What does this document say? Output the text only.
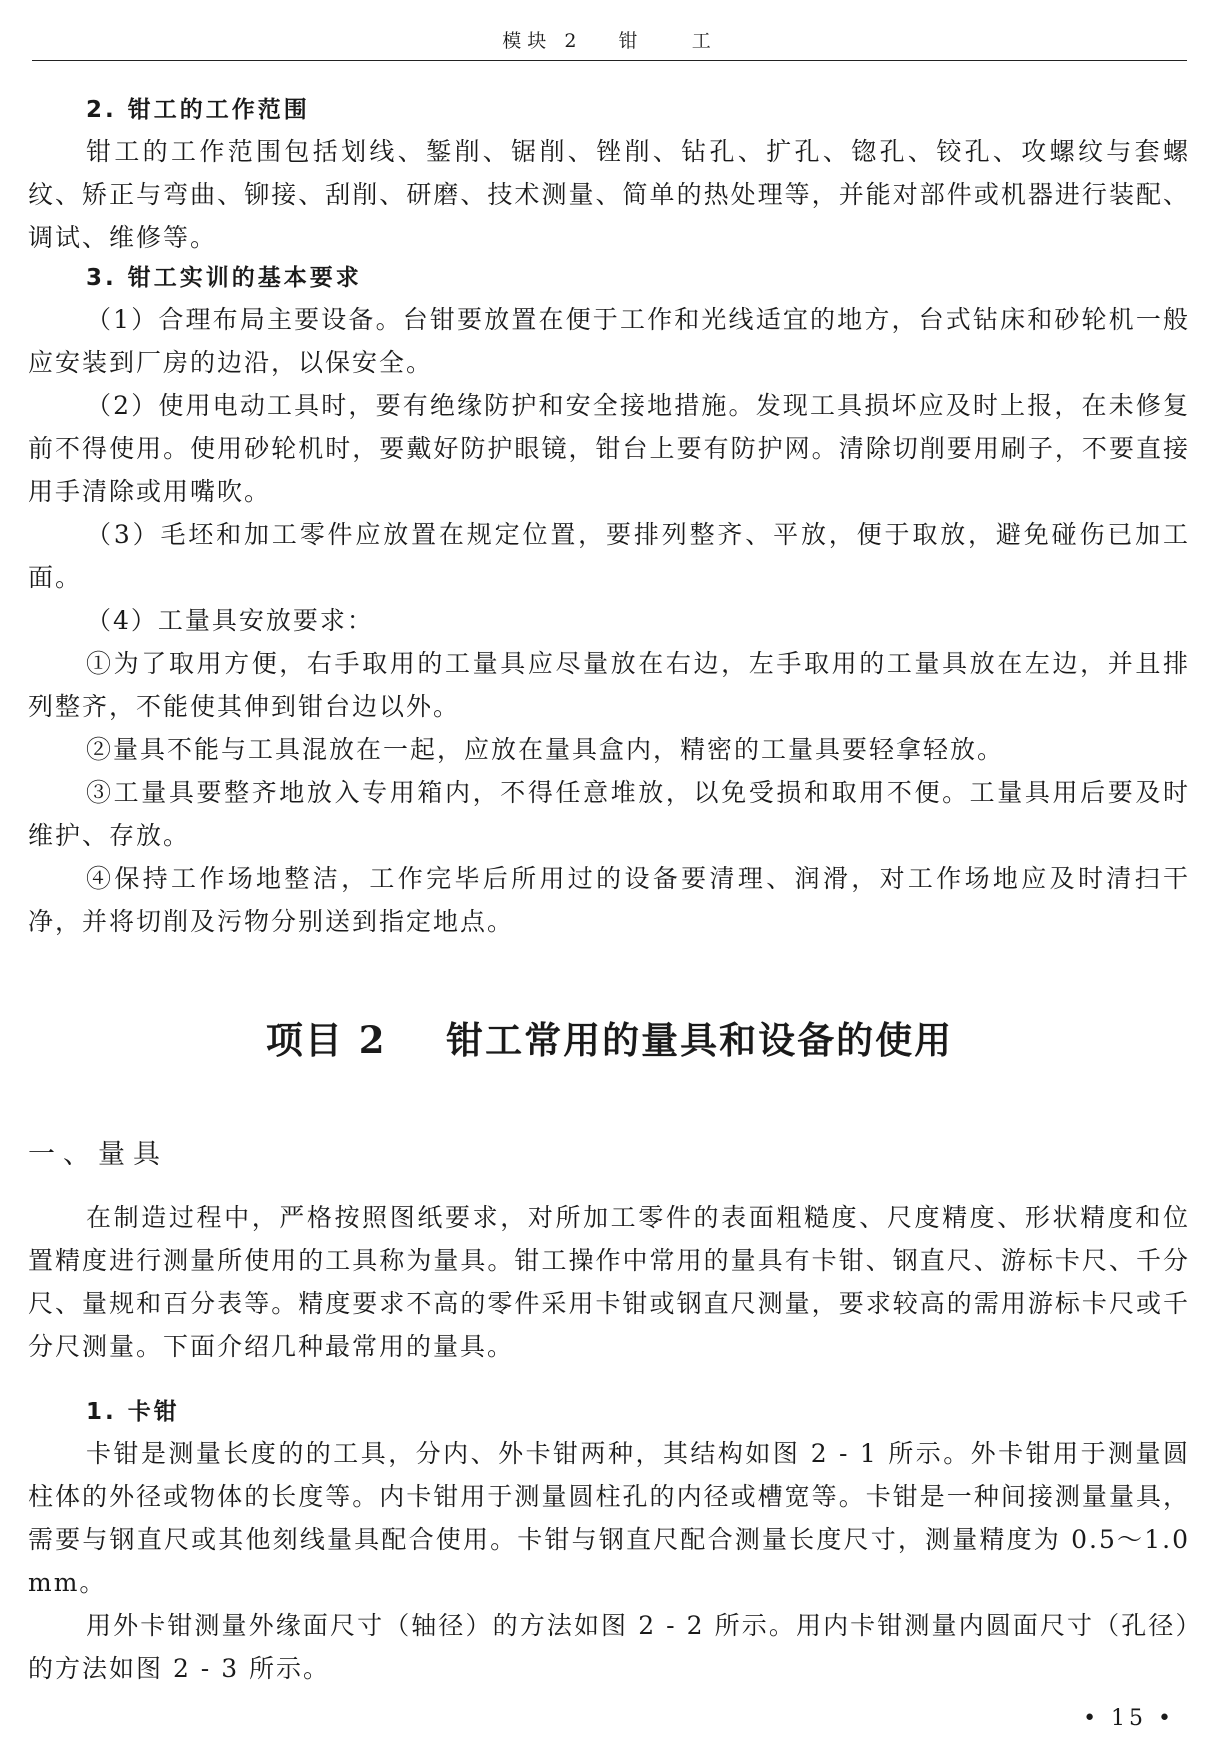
模块 2   钳    工

2. 钳工的工作范围

钳工的工作范围包括划线、錾削、锯削、锉削、钻孔、扩孔、锪孔、铰孔、攻螺纹与套螺纹、矫正与弯曲、铆接、刮削、研磨、技术测量、简单的热处理等，并能对部件或机器进行装配、调试、维修等。

3. 钳工实训的基本要求

（1）合理布局主要设备。台钳要放置在便于工作和光线适宜的地方，台式钻床和砂轮机一般应安装到厂房的边沿，以保安全。

（2）使用电动工具时，要有绝缘防护和安全接地措施。发现工具损坏应及时上报，在未修复前不得使用。使用砂轮机时，要戴好防护眼镜，钳台上要有防护网。清除切削要用刷子，不要直接用手清除或用嘴吹。

（3）毛坯和加工零件应放置在规定位置，要排列整齐、平放，便于取放，避免碰伤已加工面。

（4）工量具安放要求：

①为了取用方便，右手取用的工量具应尽量放在右边，左手取用的工量具放在左边，并且排列整齐，不能使其伸到钳台边以外。

②量具不能与工具混放在一起，应放在量具盒内，精密的工量具要轻拿轻放。

③工量具要整齐地放入专用箱内，不得任意堆放，以免受损和取用不便。工量具用后要及时维护、存放。

④保持工作场地整洁，工作完毕后所用过的设备要清理、润滑，对工作场地应及时清扫干净，并将切削及污物分别送到指定地点。

项目 2    钳工常用的量具和设备的使用
一、量具

在制造过程中，严格按照图纸要求，对所加工零件的表面粗糙度、尺度精度、形状精度和位置精度进行测量所使用的工具称为量具。钳工操作中常用的量具有卡钳、钢直尺、游标卡尺、千分尺、量规和百分表等。精度要求不高的零件采用卡钳或钢直尺测量，要求较高的需用游标卡尺或千分尺测量。下面介绍几种最常用的量具。

1. 卡钳

卡钳是测量长度的的工具，分内、外卡钳两种，其结构如图 2 - 1 所示。外卡钳用于测量圆柱体的外径或物体的长度等。内卡钳用于测量圆柱孔的内径或槽宽等。卡钳是一种间接测量量具，需要与钢直尺或其他刻线量具配合使用。卡钳与钢直尺配合测量长度尺寸，测量精度为 0.5～1.0mm。

用外卡钳测量外缘面尺寸（轴径）的方法如图 2 - 2 所示。用内卡钳测量内圆面尺寸（孔径）的方法如图 2 - 3 所示。

• 15 •
